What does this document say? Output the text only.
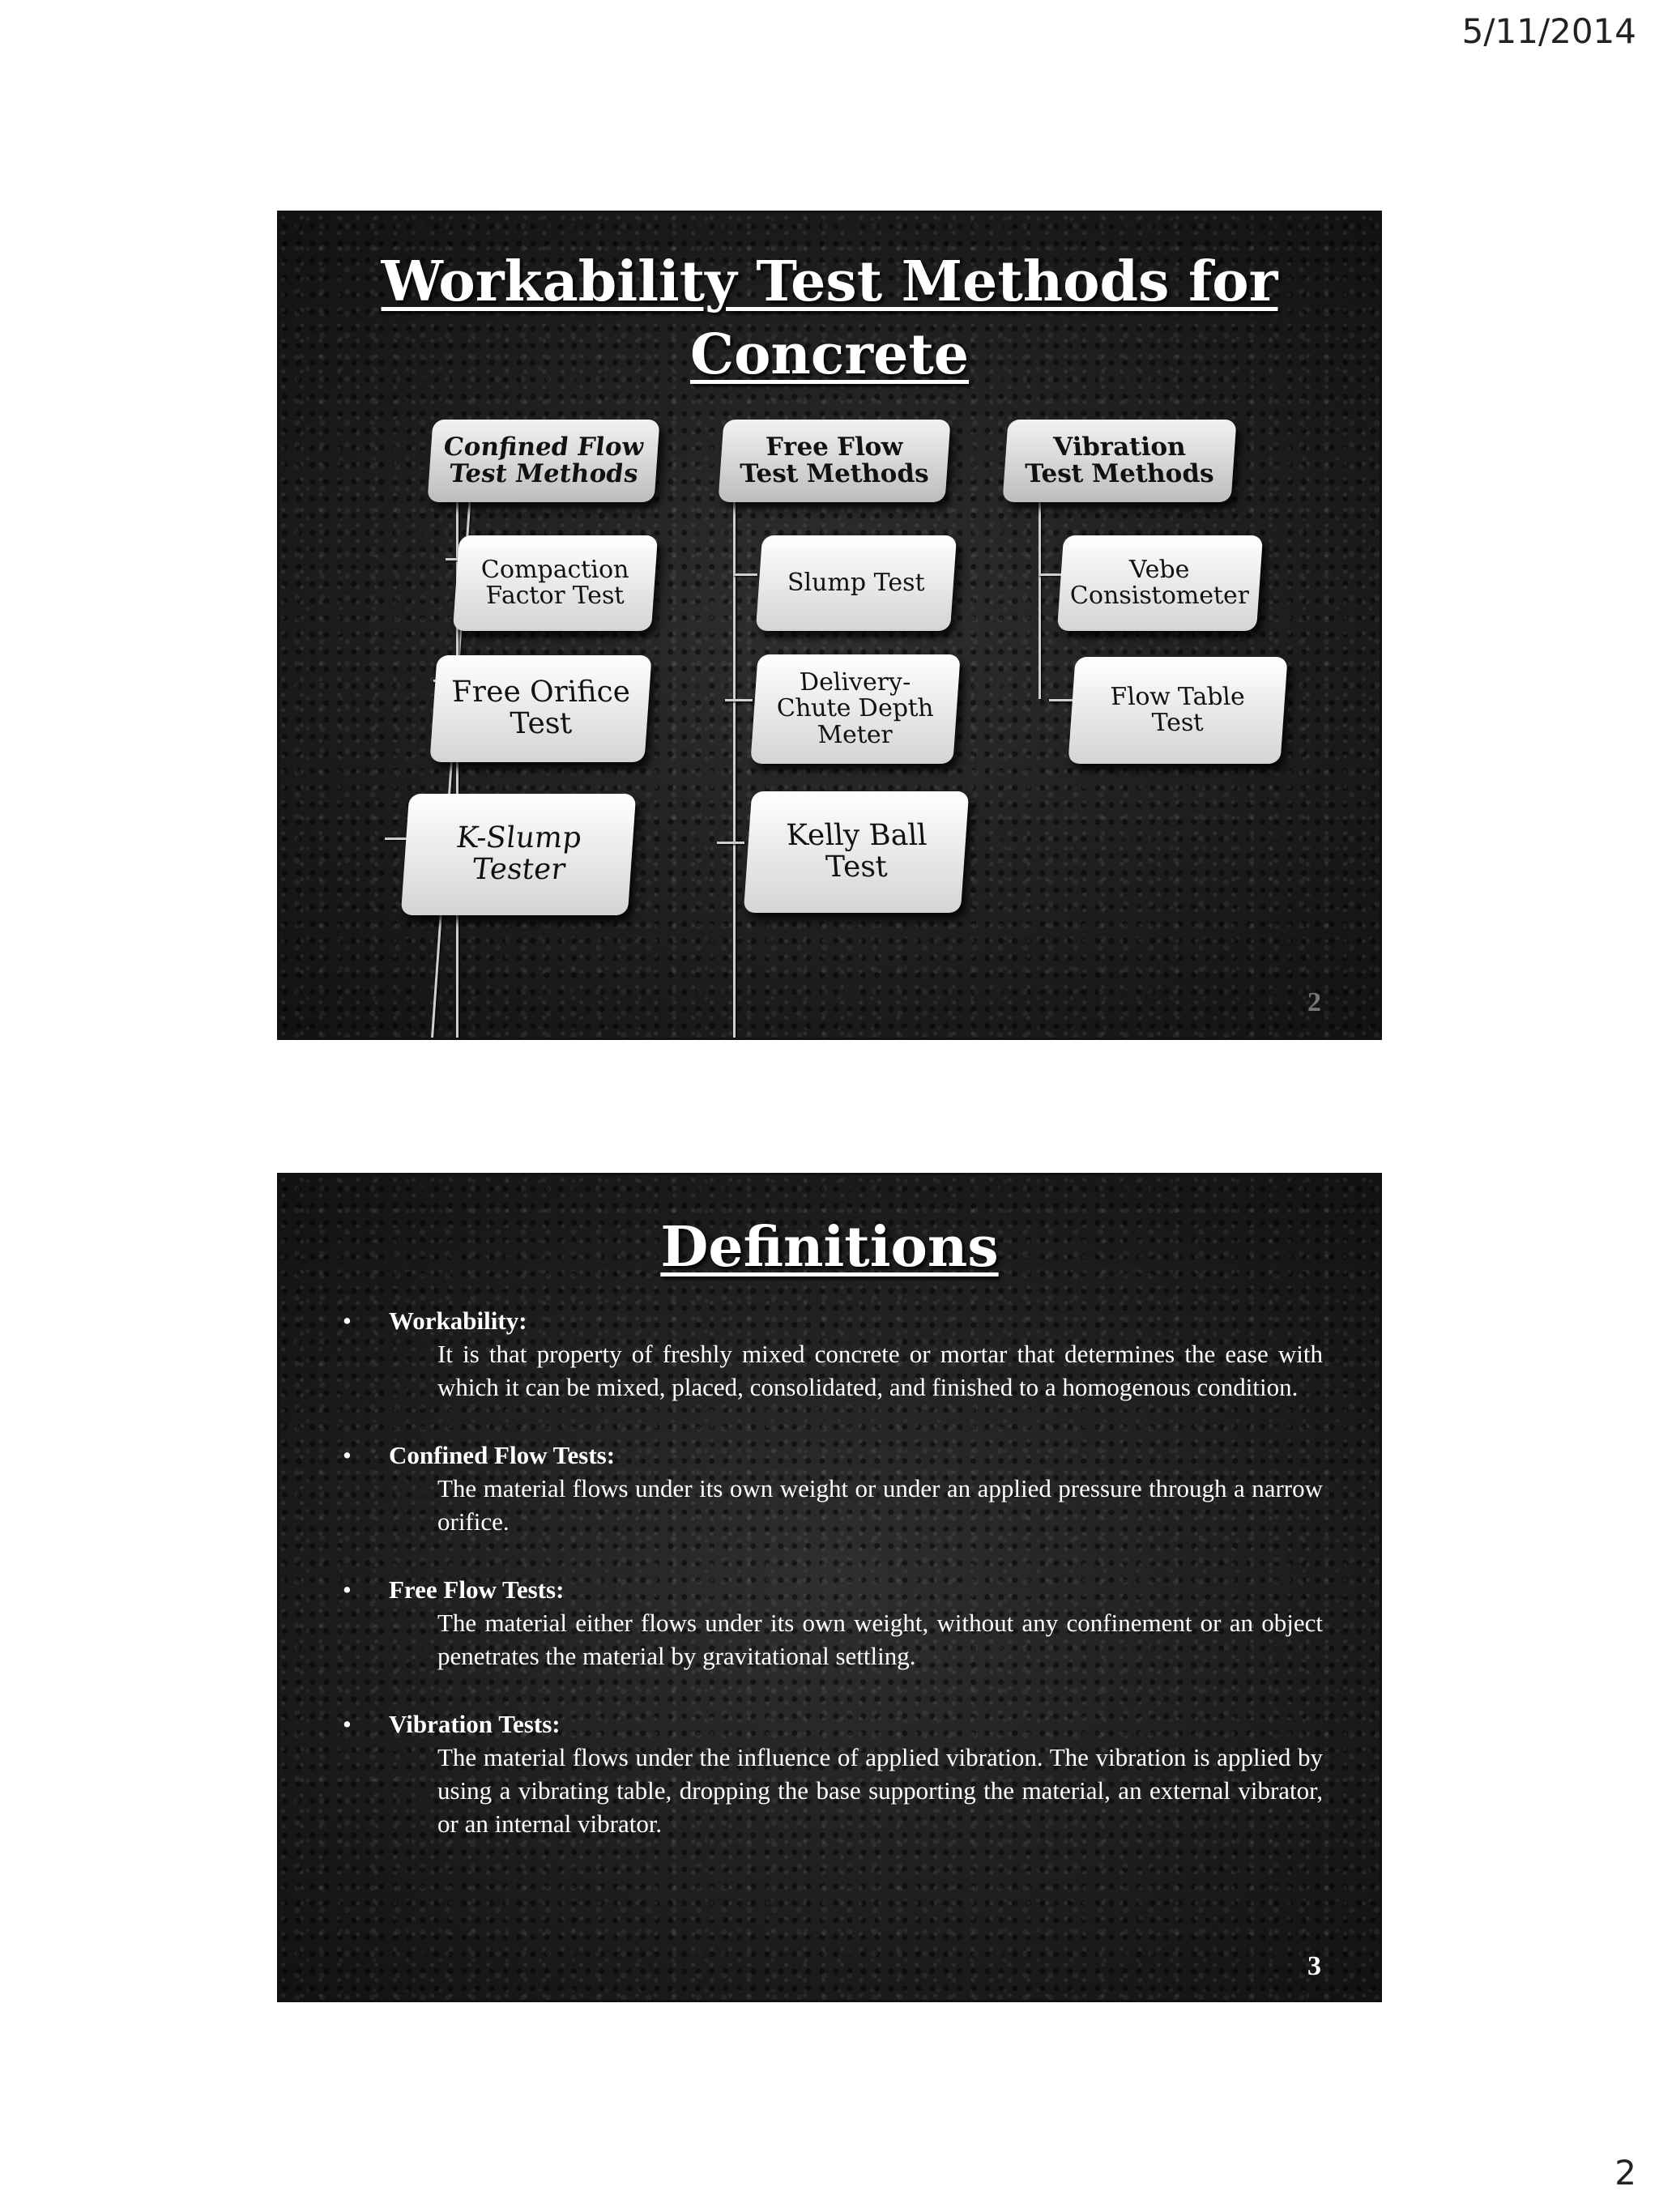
5/11/2014
Workability Test Methods for
Concrete
Confined Flow
Test Methods
Compaction
Factor Test
Free Orifice
Test
K-Slump
Tester
Free Flow
Test Methods
Slump Test
Delivery-
Chute Depth
Meter
Kelly Ball
Test
Vibration
Test Methods
Vebe
Consistometer
Flow Table
Test
2
Definitions
• Workability:
It is that property of freshly mixed concrete or mortar that determines the ease with which it can be mixed, placed, consolidated, and finished to a homogenous condition.
• Confined Flow Tests:
The material flows under its own weight or under an applied pressure through a narrow orifice.
• Free Flow Tests:
The material either flows under its own weight, without any confinement or an object penetrates the material by gravitational settling.
• Vibration Tests:
The material flows under the influence of applied vibration. The vibration is applied by using a vibrating table, dropping the base supporting the material, an external vibrator, or an internal vibrator.
3
2
